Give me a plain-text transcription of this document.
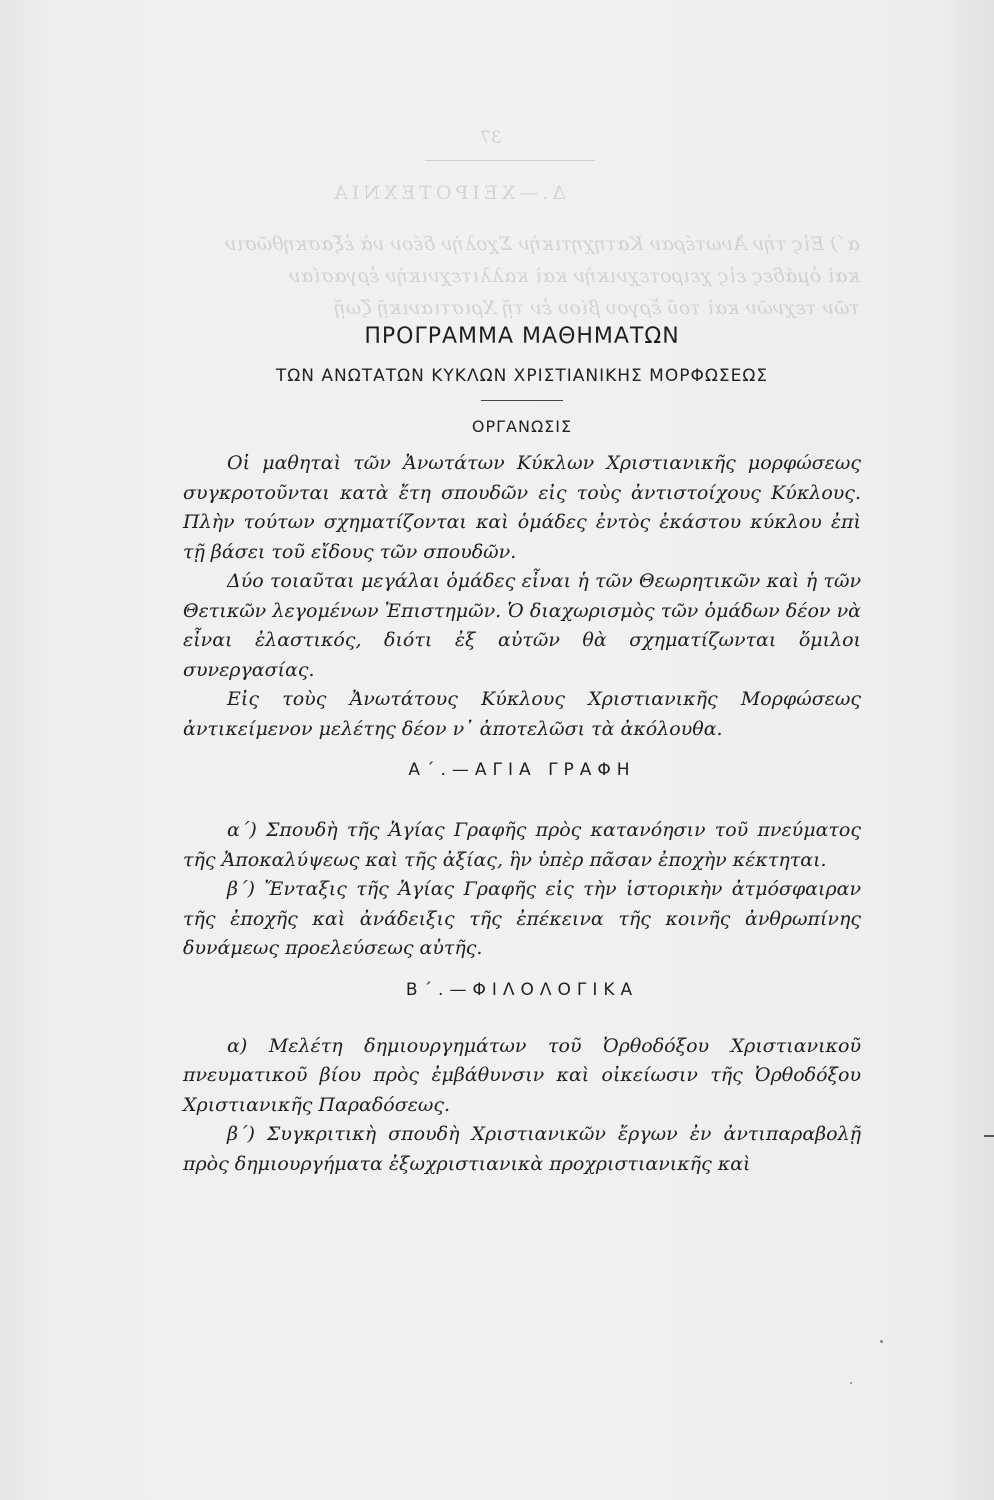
37
Δ.—ΧΕΙΡΟΤΕΧΝΙΑ
α΄) Εἰς τὴν Ἀνωτέραν Κατηχητικὴν Σχολὴν δέον νὰ ἐξασκηθῶσιν
καὶ ὁμάδες εἰς χειροτεχνικὴν καὶ καλλιτεχνικὴν ἐργασίαν
τῶν τεχνῶν καὶ τοῦ ἔργου βίου ἐν τῇ Χριστιανικῇ ζωῇ
ΠΡΟΓΡΑΜΜΑ ΜΑΘΗΜΑΤΩΝ
ΤΩΝ ΑΝΩΤΑΤΩΝ ΚΥΚΛΩΝ ΧΡΙΣΤΙΑΝΙΚΗΣ ΜΟΡΦΩΣΕΩΣ
ΟΡΓΑΝΩΣΙΣ

Οἱ μαθηταὶ τῶν Ἀνωτάτων Κύκλων Χριστιανικῆς μορφώσεως συγκροτοῦνται κατὰ ἔτη σπουδῶν εἰς τοὺς ἀντιστοίχους Κύκλους. Πλὴν τούτων σχηματίζονται καὶ ὁμάδες ἐντὸς ἑκάστου κύκλου ἐπὶ τῇ βάσει τοῦ εἴδους τῶν σπουδῶν.

Δύο τοιαῦται μεγάλαι ὁμάδες εἶναι ἡ τῶν Θεωρητικῶν καὶ ἡ τῶν Θετικῶν λεγομένων Ἐπιστημῶν. Ὁ διαχωρισμὸς τῶν ὁμάδων δέον νὰ εἶναι ἐλαστικός, διότι ἐξ αὐτῶν θὰ σχηματίζωνται ὅμιλοι συνεργασίας.

Εἰς τοὺς Ἀνωτάτους Κύκλους Χριστιανικῆς Μορφώσεως ἀντικείμενον μελέτης δέον ν᾽ ἀποτελῶσι τὰ ἀκόλουθα.

Α΄.—ΑΓΙΑ ΓΡΑΦΗ

α΄) Σπουδὴ τῆς Ἁγίας Γραφῆς πρὸς κατανόησιν τοῦ πνεύματος τῆς Ἀποκαλύψεως καὶ τῆς ἀξίας, ἣν ὑπὲρ πᾶσαν ἐποχὴν κέκτηται.

β΄) Ἔνταξις τῆς Ἁγίας Γραφῆς εἰς τὴν ἱστορικὴν ἀτμόσφαιραν τῆς ἐποχῆς καὶ ἀνάδειξις τῆς ἐπέκεινα τῆς κοινῆς ἀνθρωπίνης δυνάμεως προελεύσεως αὐτῆς.

Β΄.—ΦΙΛΟΛΟΓΙΚΑ

α) Μελέτη δημιουργημάτων τοῦ Ὀρθοδόξου Χριστιανικοῦ πνευματικοῦ βίου πρὸς ἐμβάθυνσιν καὶ οἰκείωσιν τῆς Ὀρθοδόξου Χριστιανικῆς Παραδόσεως.

β΄) Συγκριτικὴ σπουδὴ Χριστιανικῶν ἔργων ἐν ἀντιπαραβολῇ πρὸς δημιουργήματα ἐξωχριστιανικὰ προχριστιανικῆς καὶ
